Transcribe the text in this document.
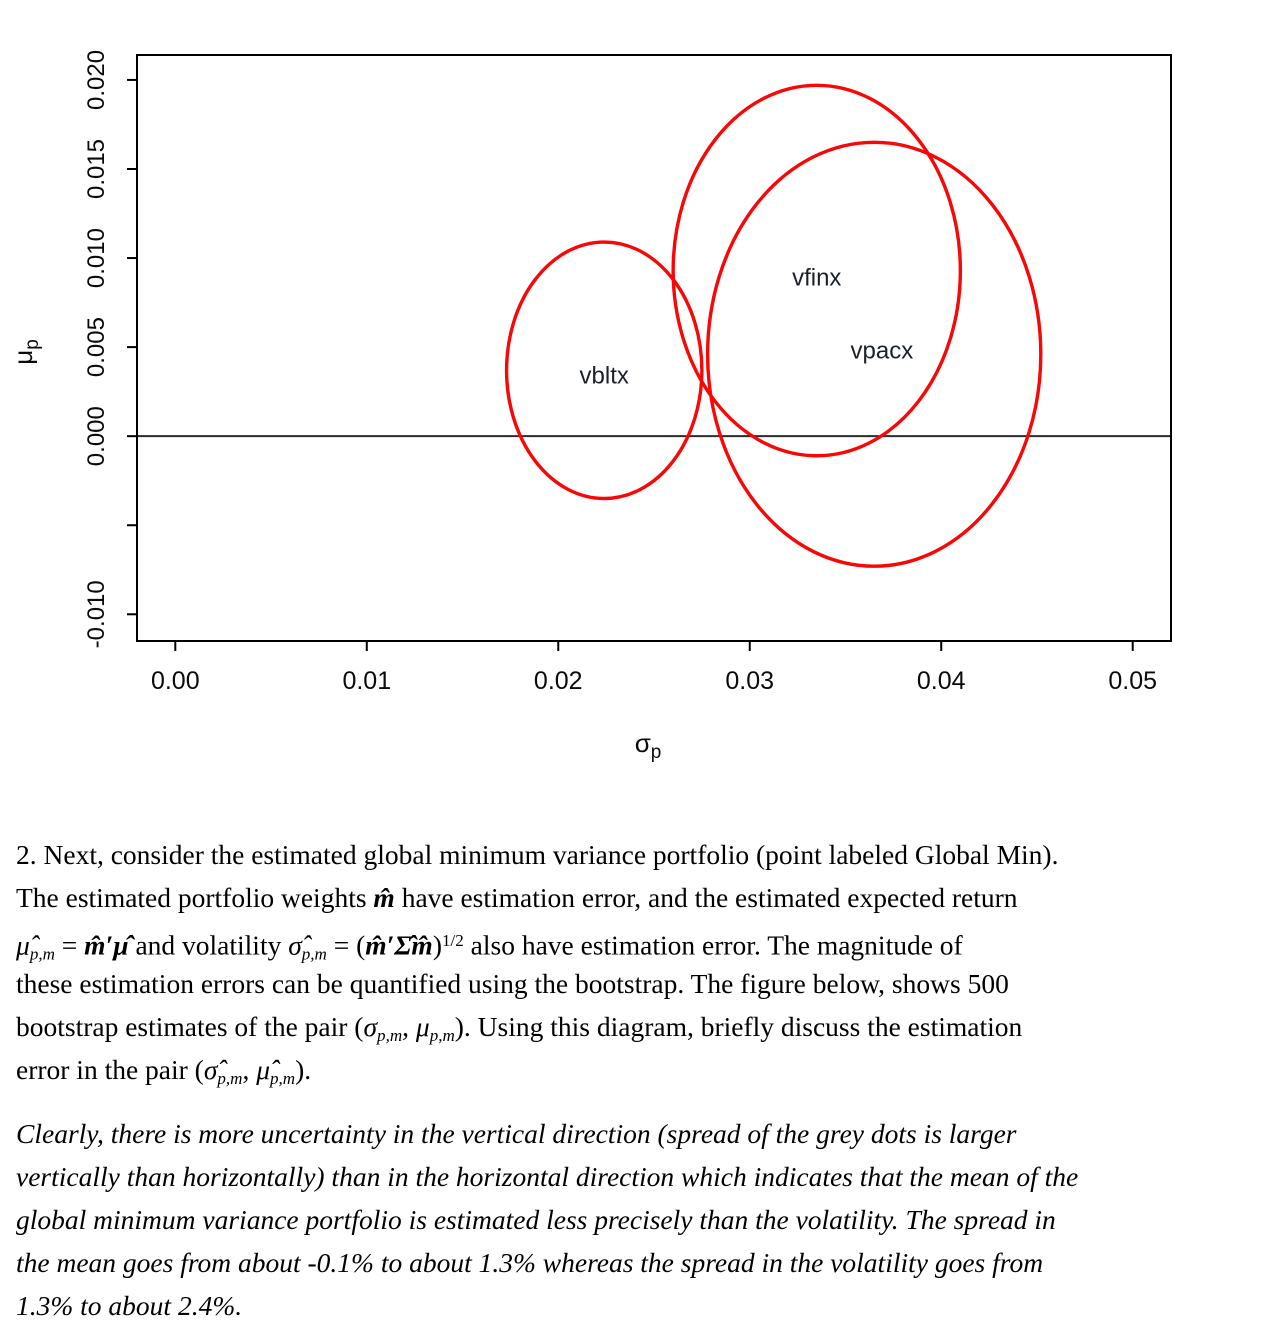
0.00	0.01	0.02	0.03	0.04	0.05
0.020
0.015
0.010
0.005
0.000
-0.010
$\sigma_p$
$\mu_p$
vbltx
vfinx
vpacx
2. Next, consider the estimated global minimum variance portfolio (point labeled Global Min).
The estimated portfolio weights m̂ have estimation error, and the estimated expected return
$\mû_{p,m}$ = m̂′μ̂ and volatility $\sigmâ_{p,m}$ = (m̂′Σ̂m̂)$^{1/2}$ also have estimation error. The magnitude of
these estimation errors can be quantified using the bootstrap. The figure below, shows 500
bootstrap estimates of the pair ($\sigma_{p,m}$, $\mu_{p,m}$). Using this diagram, briefly discuss the estimation
error in the pair ($\sigmâ_{p,m}$, $\mû_{p,m}$).
Clearly, there is more uncertainty in the vertical direction (spread of the grey dots is larger
vertically than horizontally) than in the horizontal direction which indicates that the mean of the
global minimum variance portfolio is estimated less precisely than the volatility. The spread in
the mean goes from about -0.1% to about 1.3% whereas the spread in the volatility goes from
1.3% to about 2.4%.
